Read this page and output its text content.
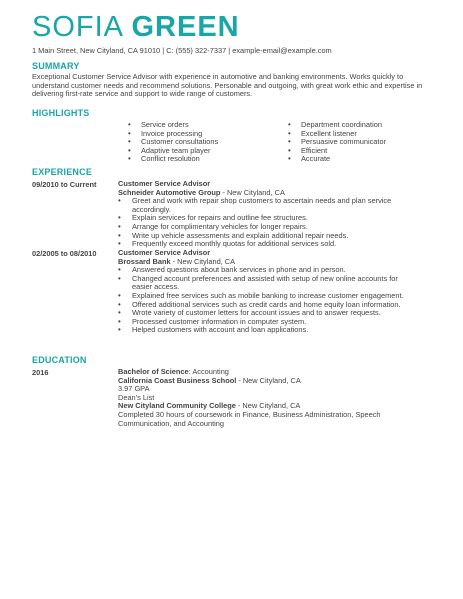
SOFIA GREEN
1 Main Street, New Cityland, CA 91010 | C: (555) 322-7337 | example-email@example.com
SUMMARY
Exceptional Customer Service Advisor with experience in automotive and banking environments. Works quickly to understand customer needs and recommend solutions. Personable and outgoing, with great work ethic and expertise in delivering first-rate service and support to wide range of customers.
HIGHLIGHTS
• Service orders
• Invoice processing
• Customer consultations
• Adaptive team player
• Conflict resolution
• Department coordination
• Excellent listener
• Persuasive communicator
• Efficient
• Accurate
EXPERIENCE
09/2010 to Current	Customer Service Advisor
Schneider Automotive Group - New Cityland, CA
• Greet and work with repair shop customers to ascertain needs and plan service accordingly.
• Explain services for repairs and outline fee structures.
• Arrange for complimentary vehicles for longer repairs.
• Write up vehicle assessments and explain additional repair needs.
• Frequently exceed monthly quotas for additional services sold.
02/2005 to 08/2010	Customer Service Advisor
Brossard Bank - New Cityland, CA
• Answered questions about bank services in phone and in person.
• Changed account preferences and assisted with setup of new online accounts for easier access.
• Explained free services such as mobile banking to increase customer engagement.
• Offered additional services such as credit cards and home equity loan information.
• Wrote variety of customer letters for account issues and to answer requests.
• Processed customer information in computer system.
• Helped customers with account and loan applications.
EDUCATION
2016	Bachelor of Science: Accounting
California Coast Business School - New Cityland, CA
3.97 GPA
Dean's List
New Cityland Community College - New Cityland, CA
Completed 30 hours of coursework in Finance, Business Administration, Speech Communication, and Accounting
